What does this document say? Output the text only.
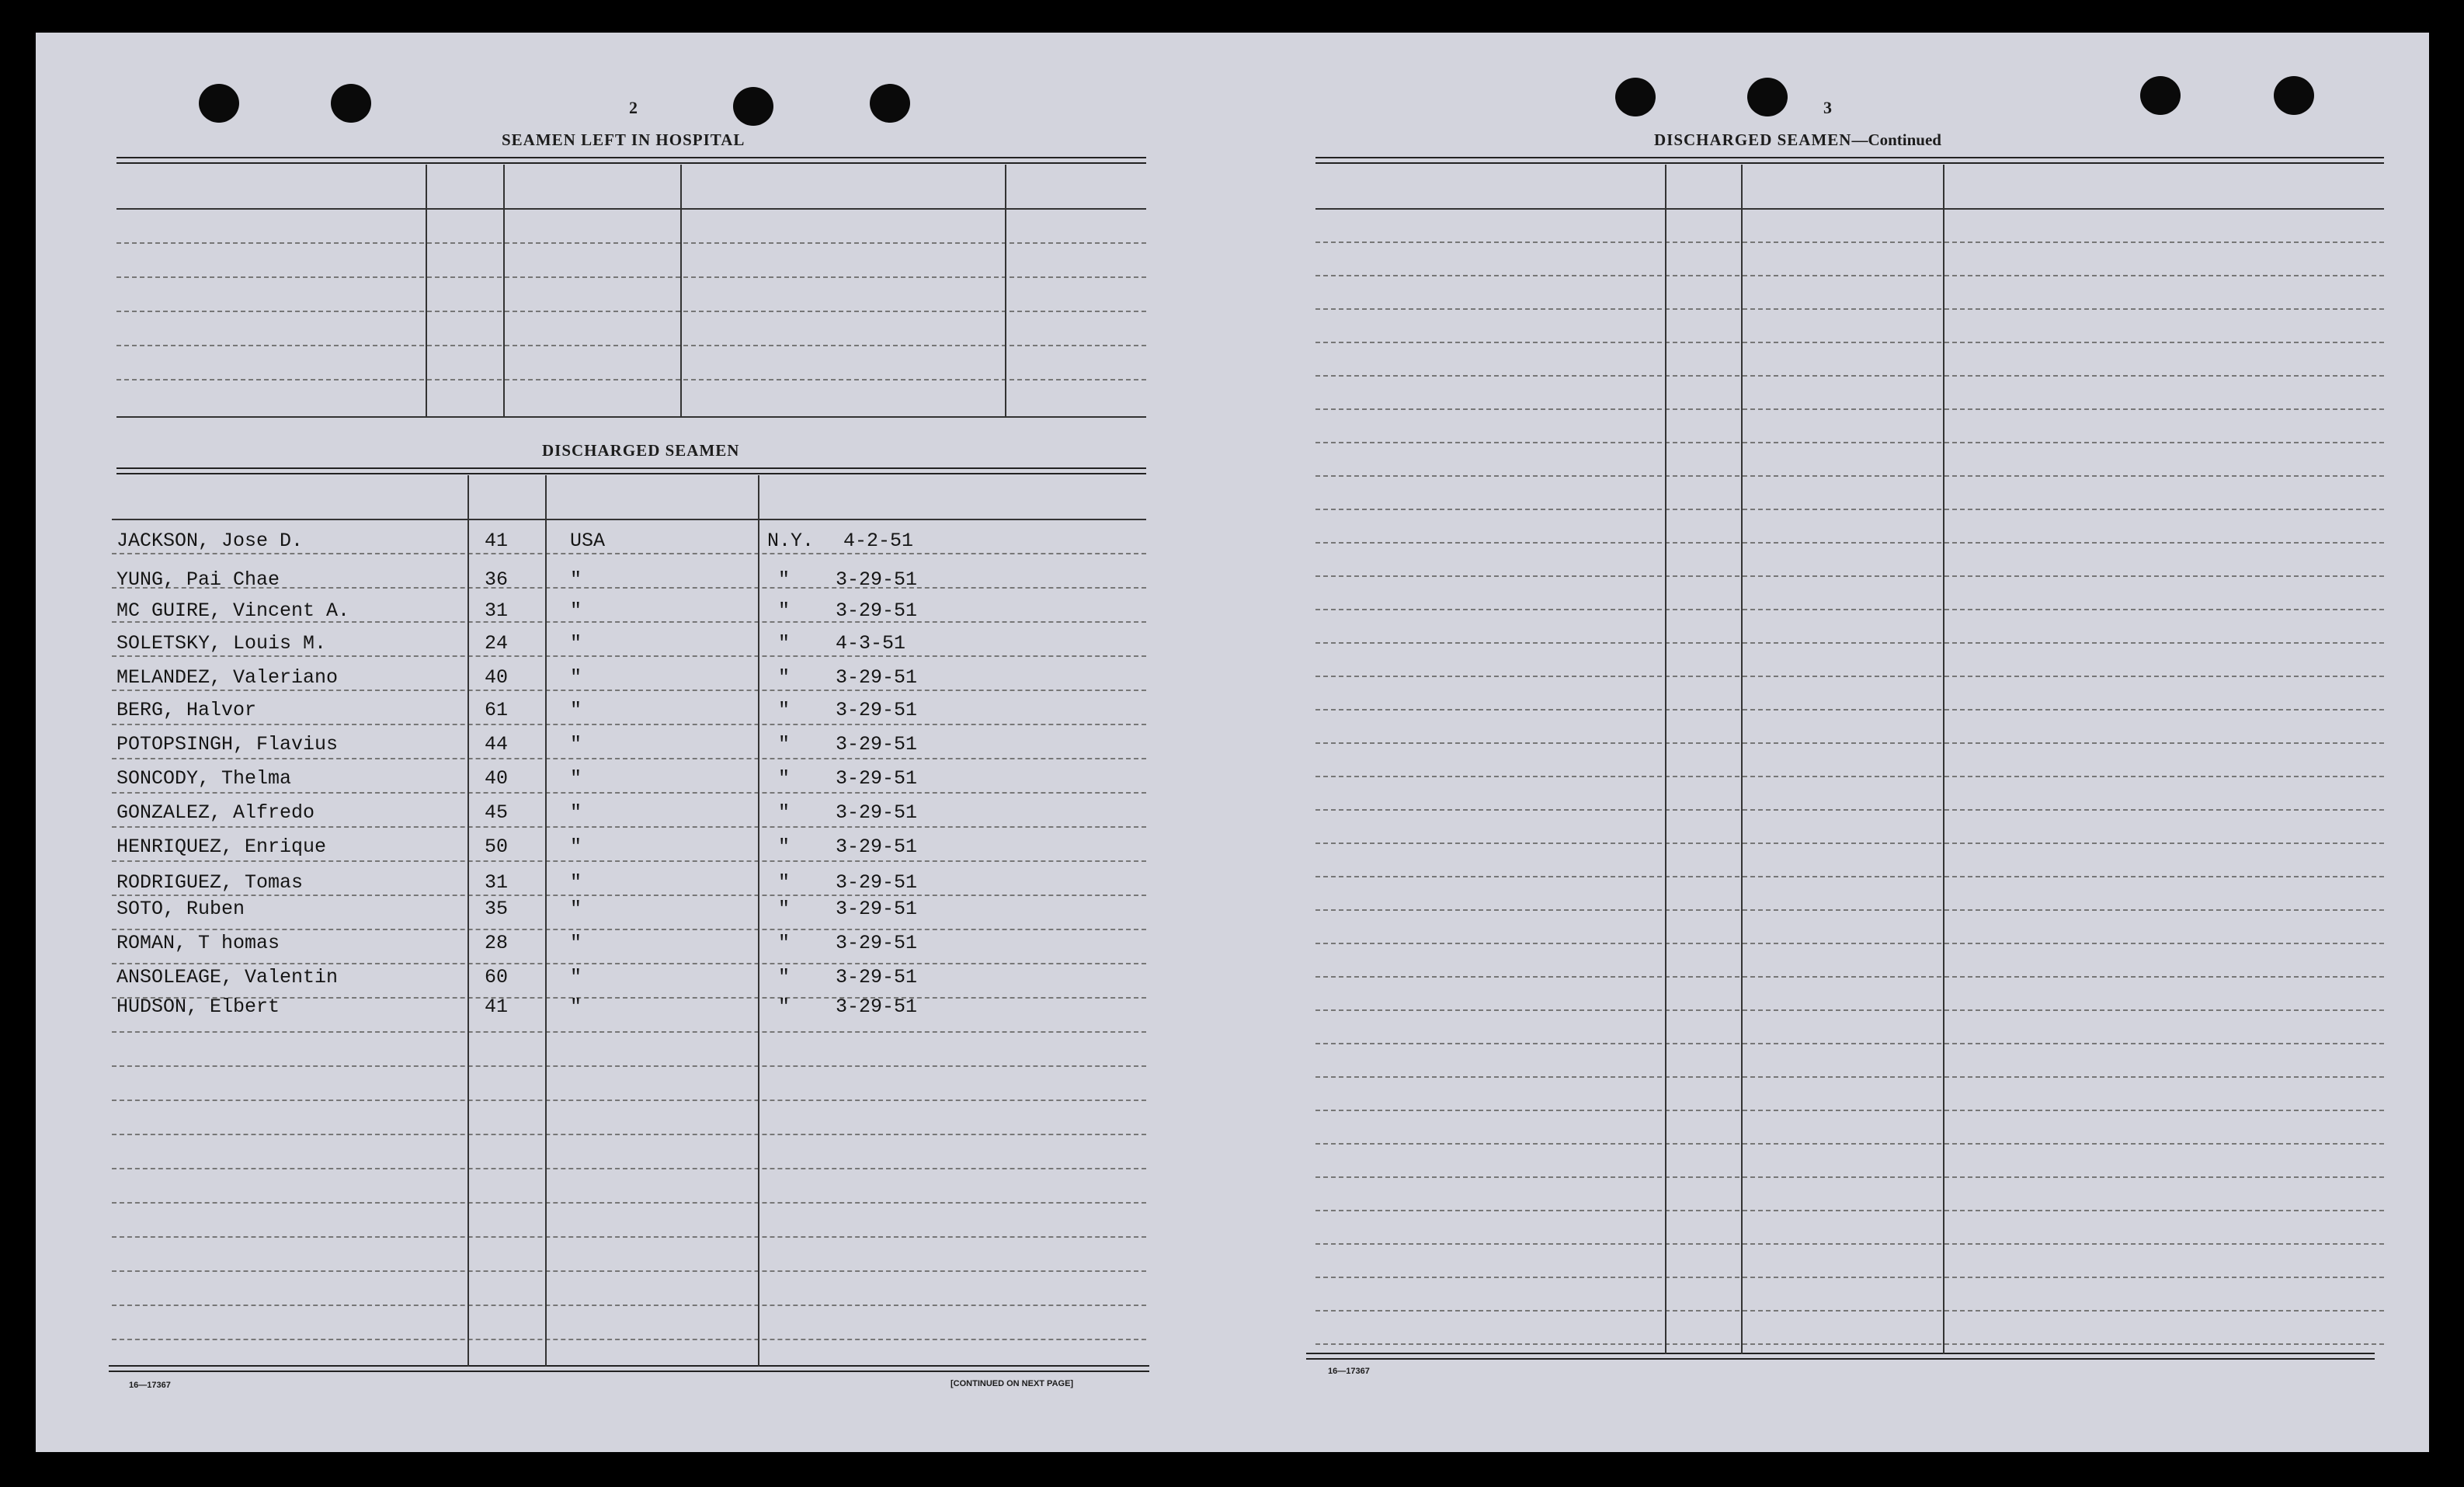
2
SEAMEN LEFT IN HOSPITAL
DISCHARGED SEAMEN
16—17367	[CONTINUED ON NEXT PAGE]
3
DISCHARGED SEAMEN—Continued
16—17367
JACKSON, Jose D.	41	USA	N.Y. 4-2-51
YUNG, Pai Chae	36	"	" 3-29-51
MC GUIRE, Vincent A.	31	"	" 3-29-51
SOLETSKY, Louis M.	24	"	" 4-3-51
MELANDEZ, Valeriano	40	"	" 3-29-51
BERG, Halvor	61	"	" 3-29-51
POTOPSINGH, Flavius	44	"	" 3-29-51
SONCODY, Thelma	40	"	" 3-29-51
GONZALEZ, Alfredo	45	"	" 3-29-51
HENRIQUEZ, Enrique	50	"	" 3-29-51
RODRIGUEZ, Tomas	31	"	" 3-29-51
SOTO, Ruben	35	"	" 3-29-51
ROMAN, T homas	28	"	" 3-29-51
ANSOLEAGE, Valentin	60	"	" 3-29-51
HUDSON, Elbert	41	"	" 3-29-51
